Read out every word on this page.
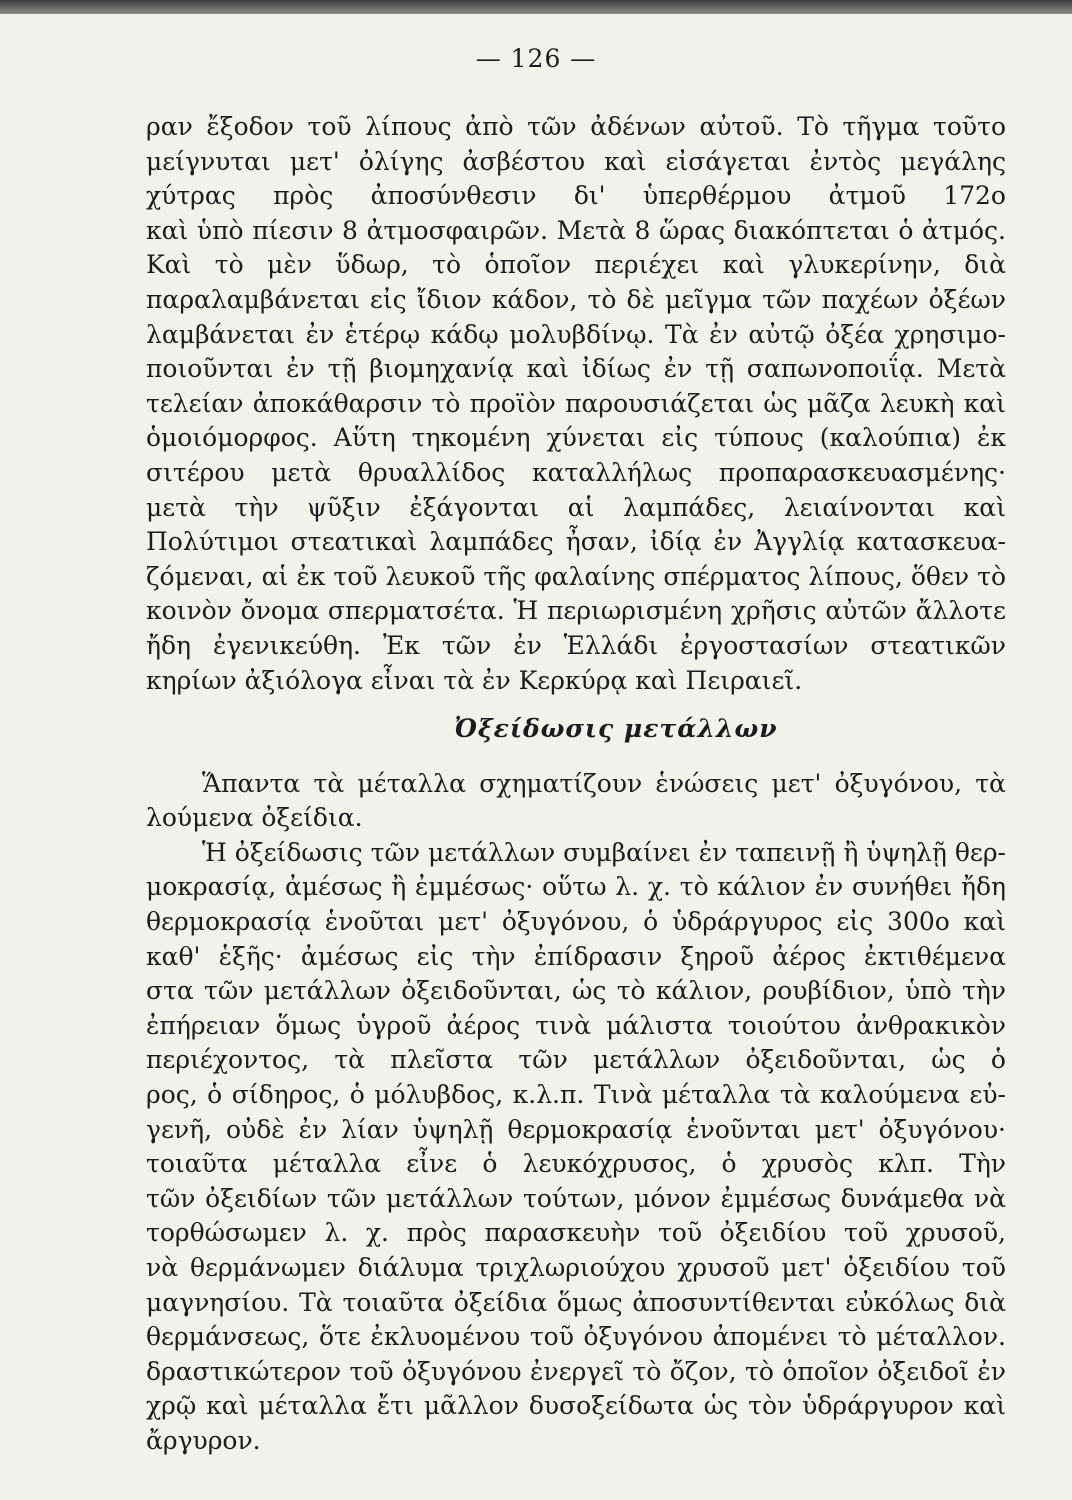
— 126 —
ραν ἔξοδον τοῦ λίπους ἀπὸ τῶν ἀδένων αὐτοῦ. Τὸ τῆγμα τοῦτο
μείγνυται μετ' ὀλίγης ἀσβέστου καὶ εἰσάγεται ἐντὸς μεγάλης
χύτρας πρὸς ἀποσύνθεσιν δι' ὑπερθέρμου ἀτμοῦ 172ο
καὶ ὑπὸ πίεσιν 8 ἀτμοσφαιρῶν. Μετὰ 8 ὥρας διακόπτεται ὁ ἀτμός.
Καὶ τὸ μὲν ὕδωρ, τὸ ὁποῖον περιέχει καὶ γλυκερίνην, διὰ
παραλαμβάνεται εἰς ἴδιον κάδον, τὸ δὲ μεῖγμα τῶν παχέων ὀξέων
λαμβάνεται ἐν ἑτέρῳ κάδῳ μολυβδίνῳ. Τὰ ἐν αὐτῷ ὀξέα χρησιμο-
ποιοῦνται ἐν τῇ βιομηχανίᾳ καὶ ἰδίως ἐν τῇ σαπωνοποιΐᾳ. Μετὰ
τελείαν ἀποκάθαρσιν τὸ προϊὸν παρουσιάζεται ὡς μᾶζα λευκὴ καὶ
ὁμοιόμορφος. Αὕτη τηκομένη χύνεται εἰς τύπους (καλούπια) ἐκ
σιτέρου μετὰ θρυαλλίδος καταλλήλως προπαρασκευασμένης·
μετὰ τὴν ψῦξιν ἐξάγονται αἱ λαμπάδες, λειαίνονται καὶ
Πολύτιμοι στεατικαὶ λαμπάδες ἦσαν, ἰδίᾳ ἐν Ἀγγλίᾳ κατασκευα-
ζόμεναι, αἱ ἐκ τοῦ λευκοῦ τῆς φαλαίνης σπέρματος λίπους, ὅθεν τὸ
κοινὸν ὄνομα σπερματσέτα. Ἡ περιωρισμένη χρῆσις αὐτῶν ἄλλοτε
ἤδη ἐγενικεύθη. Ἐκ τῶν ἐν Ἑλλάδι ἐργοστασίων στεατικῶν
κηρίων ἀξιόλογα εἶναι τὰ ἐν Κερκύρᾳ καὶ Πειραιεῖ.
Ὀξείδωσις μετάλλων
Ἅπαντα τὰ μέταλλα σχηματίζουν ἑνώσεις μετ' ὀξυγόνου, τὰ
λούμενα ὀξείδια.
Ἡ ὀξείδωσις τῶν μετάλλων συμβαίνει ἐν ταπεινῇ ἢ ὑψηλῇ θερ-
μοκρασίᾳ, ἀμέσως ἢ ἐμμέσως· οὕτω λ. χ. τὸ κάλιον ἐν συνήθει ἤδη
θερμοκρασίᾳ ἑνοῦται μετ' ὀξυγόνου, ὁ ὑδράργυρος εἰς 300ο καὶ
καθ' ἑξῆς· ἀμέσως εἰς τὴν ἐπίδρασιν ξηροῦ ἀέρος ἐκτιθέμενα
στα τῶν μετάλλων ὀξειδοῦνται, ὡς τὸ κάλιον, ρουβίδιον, ὑπὸ τὴν
ἐπήρειαν ὅμως ὑγροῦ ἀέρος τινὰ μάλιστα τοιούτου ἀνθρακικὸν
περιέχοντος, τὰ πλεῖστα τῶν μετάλλων ὀξειδοῦνται, ὡς ὁ
ρος, ὁ σίδηρος, ὁ μόλυβδος, κ.λ.π. Τινὰ μέταλλα τὰ καλούμενα εὐ-
γενῆ, οὐδὲ ἐν λίαν ὑψηλῇ θερμοκρασίᾳ ἑνοῦνται μετ' ὀξυγόνου·
τοιαῦτα μέταλλα εἶνε ὁ λευκόχρυσος, ὁ χρυσὸς κλπ. Τὴν
τῶν ὀξειδίων τῶν μετάλλων τούτων, μόνον ἐμμέσως δυνάμεθα νὰ
τορθώσωμεν λ. χ. πρὸς παρασκευὴν τοῦ ὀξειδίου τοῦ χρυσοῦ,
νὰ θερμάνωμεν διάλυμα τριχλωριούχου χρυσοῦ μετ' ὀξειδίου τοῦ
μαγνησίου. Τὰ τοιαῦτα ὀξείδια ὅμως ἀποσυντίθενται εὐκόλως διὰ
θερμάνσεως, ὅτε ἐκλυομένου τοῦ ὀξυγόνου ἀπομένει τὸ μέταλλον.
δραστικώτερον τοῦ ὀξυγόνου ἐνεργεῖ τὸ ὄζον, τὸ ὁποῖον ὀξειδοῖ ἐν
χρῷ καὶ μέταλλα ἔτι μᾶλλον δυσοξείδωτα ὡς τὸν ὑδράργυρον καὶ
ἄργυρον.
